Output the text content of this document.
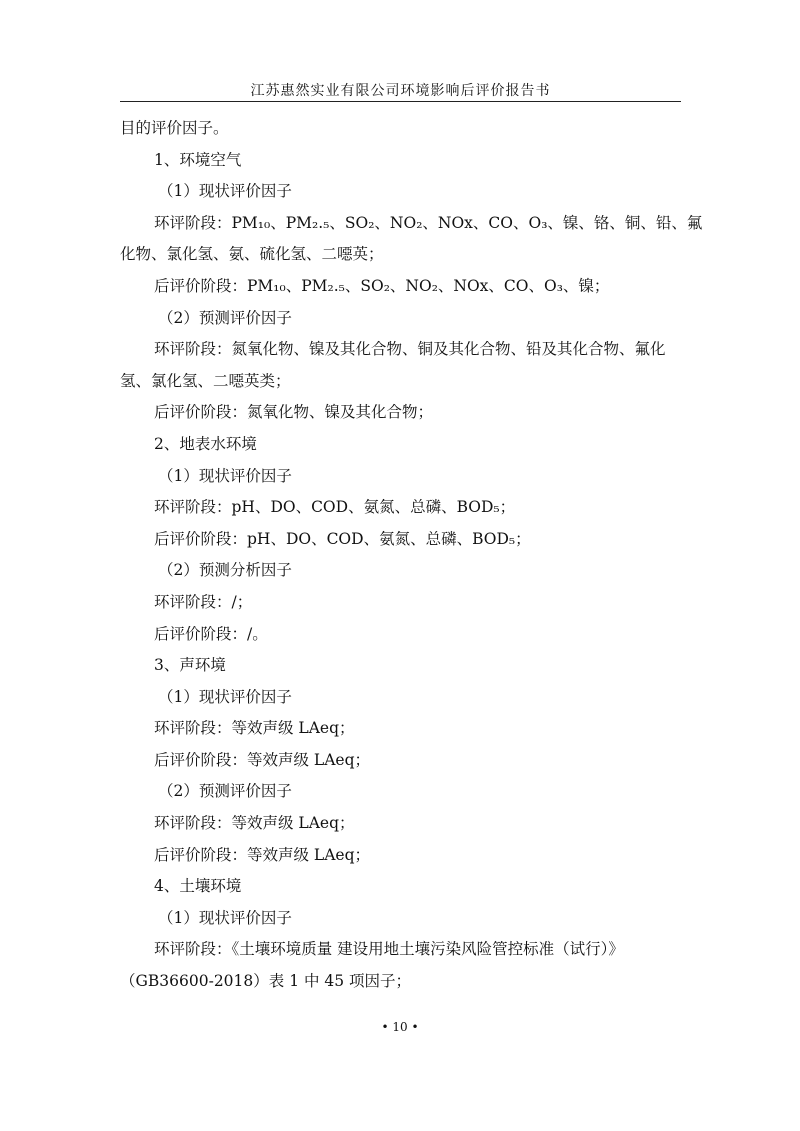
江苏惠然实业有限公司环境影响后评价报告书
目的评价因子。
1、环境空气
（1）现状评价因子
环评阶段：PM₁₀、PM₂.₅、SO₂、NO₂、NOx、CO、O₃、镍、铬、铜、铅、氟
化物、氯化氢、氨、硫化氢、二噁英；
后评价阶段：PM₁₀、PM₂.₅、SO₂、NO₂、NOx、CO、O₃、镍；
（2）预测评价因子
环评阶段：氮氧化物、镍及其化合物、铜及其化合物、铅及其化合物、氟化
氢、氯化氢、二噁英类；
后评价阶段：氮氧化物、镍及其化合物；
2、地表水环境
（1）现状评价因子
环评阶段：pH、DO、COD、氨氮、总磷、BOD₅；
后评价阶段：pH、DO、COD、氨氮、总磷、BOD₅；
（2）预测分析因子
环评阶段：/；
后评价阶段：/。
3、声环境
（1）现状评价因子
环评阶段：等效声级 LAeq；
后评价阶段：等效声级 LAeq；
（2）预测评价因子
环评阶段：等效声级 LAeq；
后评价阶段：等效声级 LAeq；
4、土壤环境
（1）现状评价因子
环评阶段：《土壤环境质量 建设用地土壤污染风险管控标准（试行）》
（GB36600-2018）表 1 中 45 项因子；
• 10 •
